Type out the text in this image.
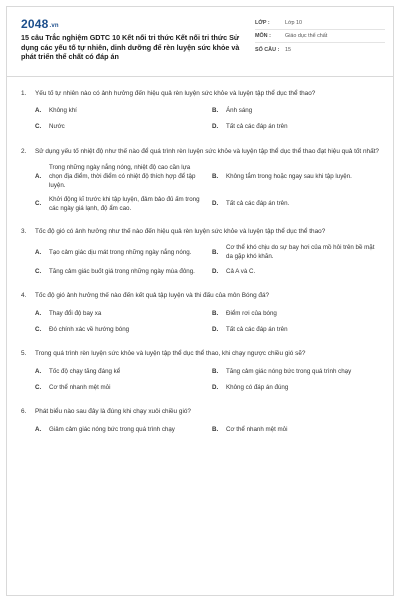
2048.vn
15 câu Trắc nghiệm GDTC 10 Kết nối tri thức Kết nối tri thức Sử dụng các yếu tố tự nhiên, dinh dưỡng để rèn luyện sức khỏe và phát triển thể chất có đáp án
LỚP :	Lớp 10
MÔN :	Giáo dục thể chất
SỐ CÂU :	15
1.	Yếu tố tự nhiên nào có ảnh hưởng đến hiệu quả rèn luyện sức khỏe và luyện tập thể dục thể thao?
A.	Không khí	B.	Ánh sáng
C.	Nước	D.	Tất cả các đáp án trên
2.	Sử dụng yếu tố nhiệt độ như thế nào để quá trình rèn luyện sức khỏe và luyện tập thể dục thể thao đạt hiệu quả tốt nhất?
A.
Trong những ngày nắng nóng, nhiệt độ cao cần lựa chọn địa điểm, thời điểm có nhiệt độ thích hợp để tập luyện.
B.	Không tắm trong hoặc ngay sau khi tập luyện.
C.
Khởi động kĩ trước khi tập luyện, đảm bảo đủ ấm trong các ngày giá lạnh, độ ẩm cao.
D.	Tất cả các đáp án trên.
3.	Tốc độ gió có ảnh hưởng như thế nào đến hiệu quả rèn luyện sức khỏe và luyện tập thể dục thể thao?
A.	Tạo cảm giác dịu mát trong những ngày nắng nóng.	B.
Cơ thể khó chịu do sự bay hơi của mồ hôi trên bề mặt da gặp khó khăn.
C.	Tăng cảm giác buốt giá trong những ngày mùa đông.	D.	Cả A và C.
4.	Tốc độ gió ảnh hưởng thế nào đến kết quả tập luyện và thi đấu của môn Bóng đá?
A.	Thay đổi độ bay xa	B.	Điểm rơi của bóng
C.	Đó chính xác về hướng bóng	D.	Tất cả các đáp án trên
5.	Trong quá trình rèn luyện sức khỏe và luyện tập thể dục thể thao, khi chạy ngược chiều gió sẽ?
A.	Tốc độ chạy tăng đáng kể	B.	Tăng cảm giác nóng bức trong quá trình chạy
C.	Cơ thể nhanh mệt mỏi	D.	Không có đáp án đúng
6.	Phát biểu nào sau đây là đúng khi chạy xuôi chiều gió?
A.	Giảm cảm giác nóng bức trong quá trình chạy	B.	Cơ thể nhanh mệt mỏi
